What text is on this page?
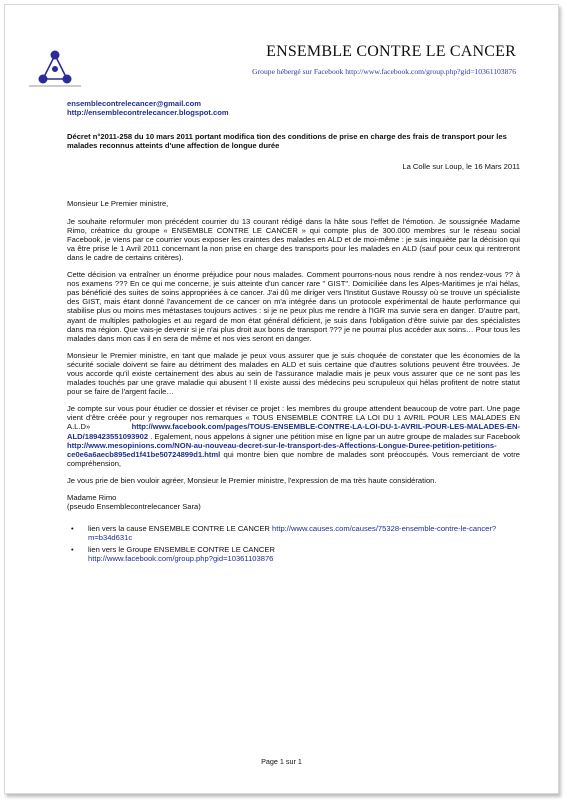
ENSEMBLE CONTRE LE CANCER
Groupe hébergé sur Facebook http://www.facebook.com/group.php?gid=10361103876
ensemblecontrelecancer@gmail.com
http://ensemblecontrelecancer.blogspot.com
Décret n°2011-258 du 10 mars 2011 portant modifica tion des conditions de prise en charge des frais de transport pour les malades reconnus atteints d'une affection de longue durée
La Colle sur Loup, le 16 Mars 2011
Monsieur Le Premier ministre,
Je souhaite reformuler mon précédent courrier du 13 courant rédigé dans la hâte sous l'effet de l'émotion. Je soussignée Madame Rimo, créatrice du groupe « ENSEMBLE CONTRE LE CANCER » qui compte plus de 300.000 membres sur le réseau social Facebook, je viens par ce courrier vous exposer les craintes des malades en ALD et de moi-même : je suis inquiète par la décision qui va être prise le 1 Avril 2011 concernant la non prise en charge des transports pour les malades en ALD (sauf pour ceux qui rentreront dans le cadre de certains critères).
Cette décision va entraîner un énorme préjudice pour nous malades. Comment pourrons-nous nous rendre à nos rendez-vous ?? à nos examens ??? En ce qui me concerne, je suis atteinte d'un cancer rare " GIST". Domiciliée dans les Alpes-Maritimes je n'ai hélas, pas bénéficié des suites de soins appropriées à ce cancer. J'ai dû me diriger vers l'Institut Gustave Roussy où se trouve un spécialiste des GIST, mais étant donné l'avancement de ce cancer on m'a intégrée dans un protocole expérimental de haute performance qui stabilise plus ou moins mes métastases toujours actives : si je ne peux plus me rendre à l'IGR ma survie sera en danger. D'autre part, ayant de multiples pathologies et au regard de mon état général déficient, je suis dans l'obligation d'être suivie par des spécialistes dans ma région. Que vais-je devenir si je n'ai plus droit aux bons de transport ??? je ne pourrai plus accéder aux soins… Pour tous les malades dans mon cas il en sera de même et nos vies seront en danger.
Monsieur le Premier ministre, en tant que malade je peux vous assurer que je suis choquée de constater que les économies de la sécurité sociale doivent se faire au détriment des malades en ALD et suis certaine que d'autres solutions peuvent être trouvées. Je vous accorde qu'il existe certainement des abus au sein de l'assurance maladie mais je peux vous assurer que ce ne sont pas les malades touchés par une grave maladie qui abusent ! Il existe aussi des médecins peu scrupuleux qui hélas profitent de notre statut pour se faire de l'argent facile…
Je compte sur vous pour étudier ce dossier et réviser ce projet : les membres du groupe attendent beaucoup de votre part. Une page vient d'être créée pour y regrouper nos remarques « TOUS ENSEMBLE CONTRE LA LOI DU 1 AVRIL POUR LES MALADES EN A.L.D» http://www.facebook.com/pages/TOUS-ENSEMBLE-CONTRE-LA-LOI-DU-1-AVRIL-POUR-LES-MALADES-EN-ALD/189423551093902 . Egalement, nous appelons à signer une pétition mise en ligne par un autre groupe de malades sur Facebook http://www.mesopinions.com/NON-au-nouveau-decret-sur-le-transport-des-Affections-Longue-Duree-petition-petitions-ce0e6a6aecb895ed1f41be50724899d1.html qui montre bien que nombre de malades sont préoccupés. Vous remerciant de votre compréhension,
Je vous prie de bien vouloir agréer, Monsieur le Premier ministre, l'expression de ma très haute considération.
Madame Rimo
(pseudo Ensemblecontrelecancer Sara)
• lien vers la cause ENSEMBLE CONTRE LE CANCER http://www.causes.com/causes/75328-ensemble-contre-le-cancer?m=b34d631c
• lien vers le Groupe ENSEMBLE CONTRE LE CANCER
http://www.facebook.com/group.php?gid=10361103876
Page 1 sur 1
